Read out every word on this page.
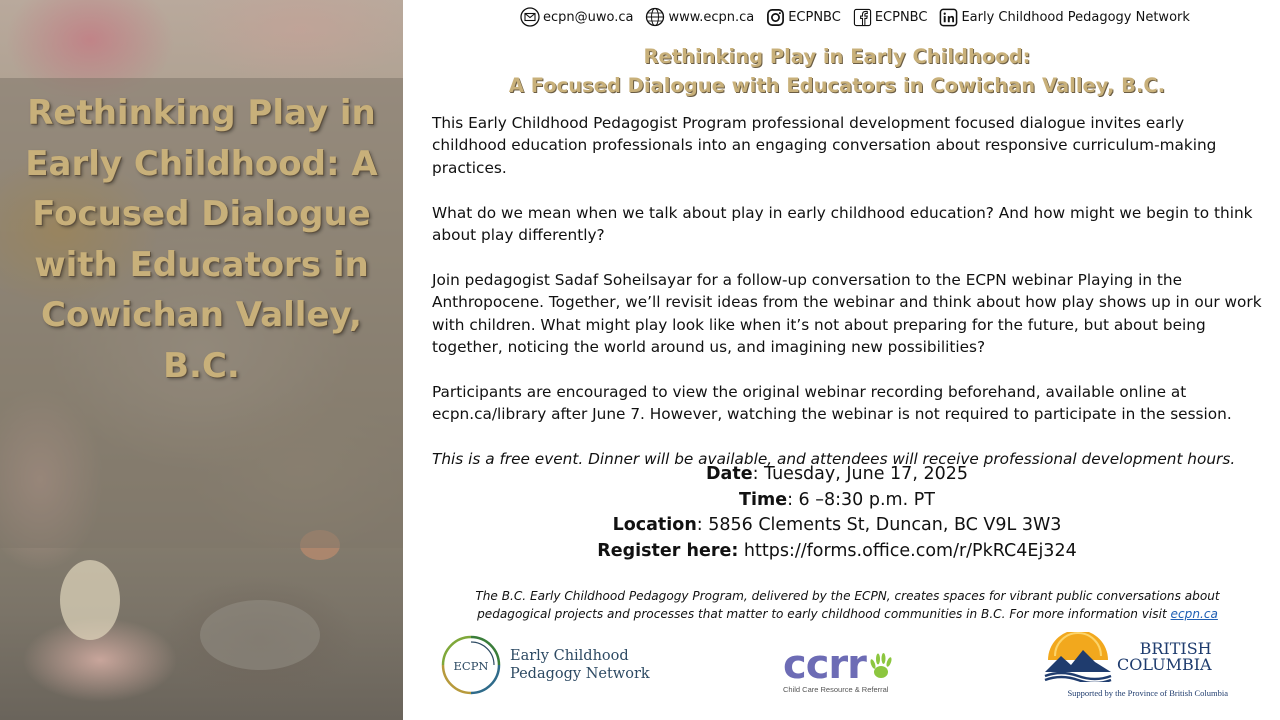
Rethinking Play in Early Childhood: A Focused Dialogue with Educators in Cowichan Valley, B.C.
ecpn@uwo.ca	www.ecpn.ca	ECPNBC	ECPNBC	Early Childhood Pedagogy Network
Rethinking Play in Early Childhood:
A Focused Dialogue with Educators in Cowichan Valley, B.C.

This Early Childhood Pedagogist Program professional development focused dialogue invites early childhood education professionals into an engaging conversation about responsive curriculum-making practices.

What do we mean when we talk about play in early childhood education? And how might we begin to think about play differently?

Join pedagogist Sadaf Soheilsayar for a follow-up conversation to the ECPN webinar Playing in the Anthropocene. Together, we’ll revisit ideas from the webinar and think about how play shows up in our work with children. What might play look like when it’s not about preparing for the future, but about being together, noticing the world around us, and imagining new possibilities?

Participants are encouraged to view the original webinar recording beforehand, available online at ecpn.ca/library after June 7. However, watching the webinar is not required to participate in the session.

This is a free event. Dinner will be available, and attendees will receive professional development hours.

Date: Tuesday, June 17, 2025
Time: 6 –8:30 p.m. PT
Location: 5856 Clements St, Duncan, BC V9L 3W3
Register here: https://forms.office.com/r/PkRC4Ej324
The B.C. Early Childhood Pedagogy Program, delivered by the ECPN, creates spaces for vibrant public conversations about pedagogical projects and processes that matter to early childhood communities in B.C. For more information visit ecpn.ca
ECPN
Early Childhood
Pedagogy Network	ccrr
Child Care Resource & Referral
BRITISH
COLUMBIA
Supported by the Province of British Columbia
